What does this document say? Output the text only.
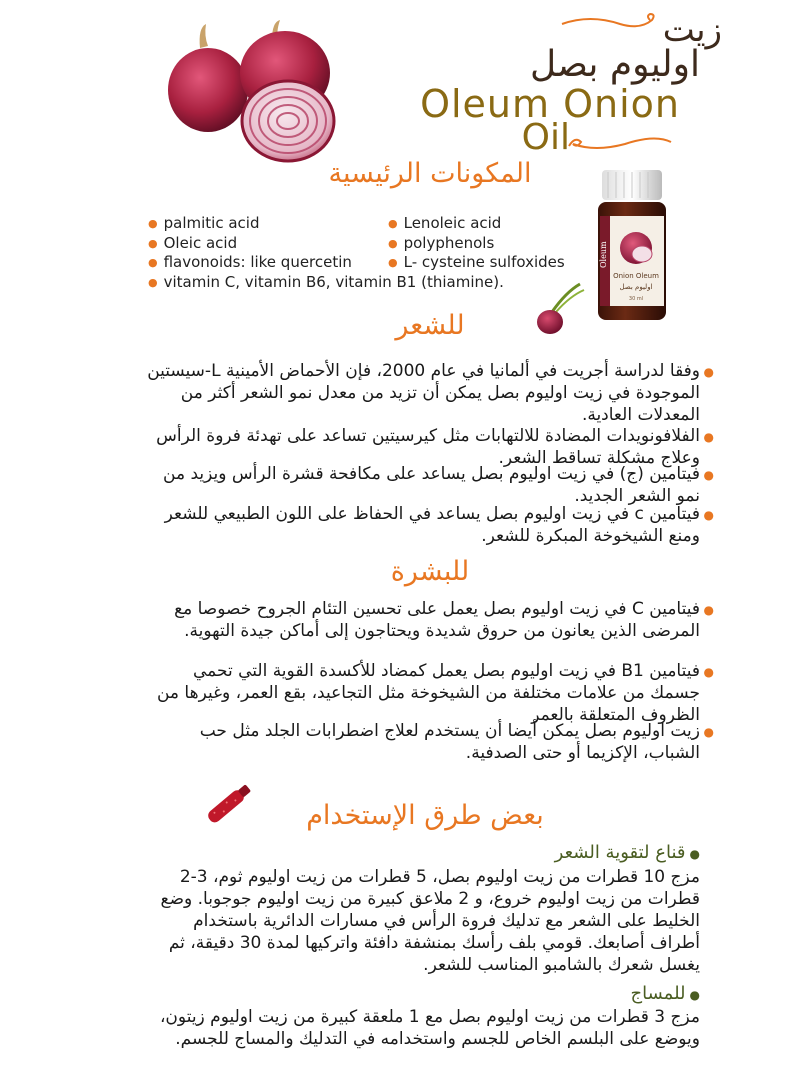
زيت
اوليوم بصل
Oleum Onion
Oil
المكونات الرئيسية
● palmitic acid	● Lenoleic acid
● Oleic acid	● polyphenols
● flavonoids: like quercetin	● L- cysteine sulfoxides
● vitamin C, vitamin B6, vitamin B1 (thiamine).
Oleum
Onion Oleum
اوليوم بصل
30 ml
للشعر
●
وفقا لدراسة أجريت في ألمانيا في عام 2000، فإن الأحماض الأمينية L-سيستين الموجودة في زيت اوليوم بصل يمكن أن تزيد من معدل نمو الشعر أكثر من المعدلات العادية.
●
الفلافونويدات المضادة للالتهابات مثل كيرسيتين تساعد على تهدئة فروة الرأس وعلاج مشكلة تساقط الشعر.
●
فيتامين (ج) في زيت اوليوم بصل يساعد على مكافحة قشرة الرأس ويزيد من نمو الشعر الجديد.
●
فيتامين c في زيت اوليوم بصل يساعد في الحفاظ على اللون الطبيعي للشعر ومنع الشيخوخة المبكرة للشعر.
للبشرة
●
فيتامين C في زيت اوليوم بصل يعمل على تحسين التئام الجروح خصوصا مع المرضى الذين يعانون من حروق شديدة ويحتاجون إلى أماكن جيدة التهوية.
●
فيتامين B1 في زيت اوليوم بصل يعمل كمضاد للأكسدة القوية التي تحمي جسمك من علامات مختلفة من الشيخوخة مثل التجاعيد، بقع العمر، وغيرها من الظروف المتعلقة بالعمر
●
زيت اوليوم بصل يمكن أيضا أن يستخدم لعلاج اضطرابات الجلد مثل حب الشباب، الإكزيما أو حتى الصدفية.
بعض طرق الإستخدام
●قناع لتقوية الشعر
مزج 10 قطرات من زيت اوليوم بصل، 5 قطرات من زيت اوليوم ثوم، 3-2 قطرات من زيت اوليوم خروع، و 2 ملاعق كبيرة من زيت اوليوم جوجوبا. وضع الخليط على الشعر مع تدليك فروة الرأس في مسارات الدائرية باستخدام أطراف أصابعك. قومي بلف رأسك بمنشفة دافئة واتركيها لمدة 30 دقيقة، ثم يغسل شعرك بالشامبو المناسب للشعر.
●للمساج
مزج 3 قطرات من زيت اوليوم بصل مع 1 ملعقة كبيرة من زيت اوليوم زيتون، ويوضع على البلسم الخاص للجسم واستخدامه في التدليك والمساج للجسم.
